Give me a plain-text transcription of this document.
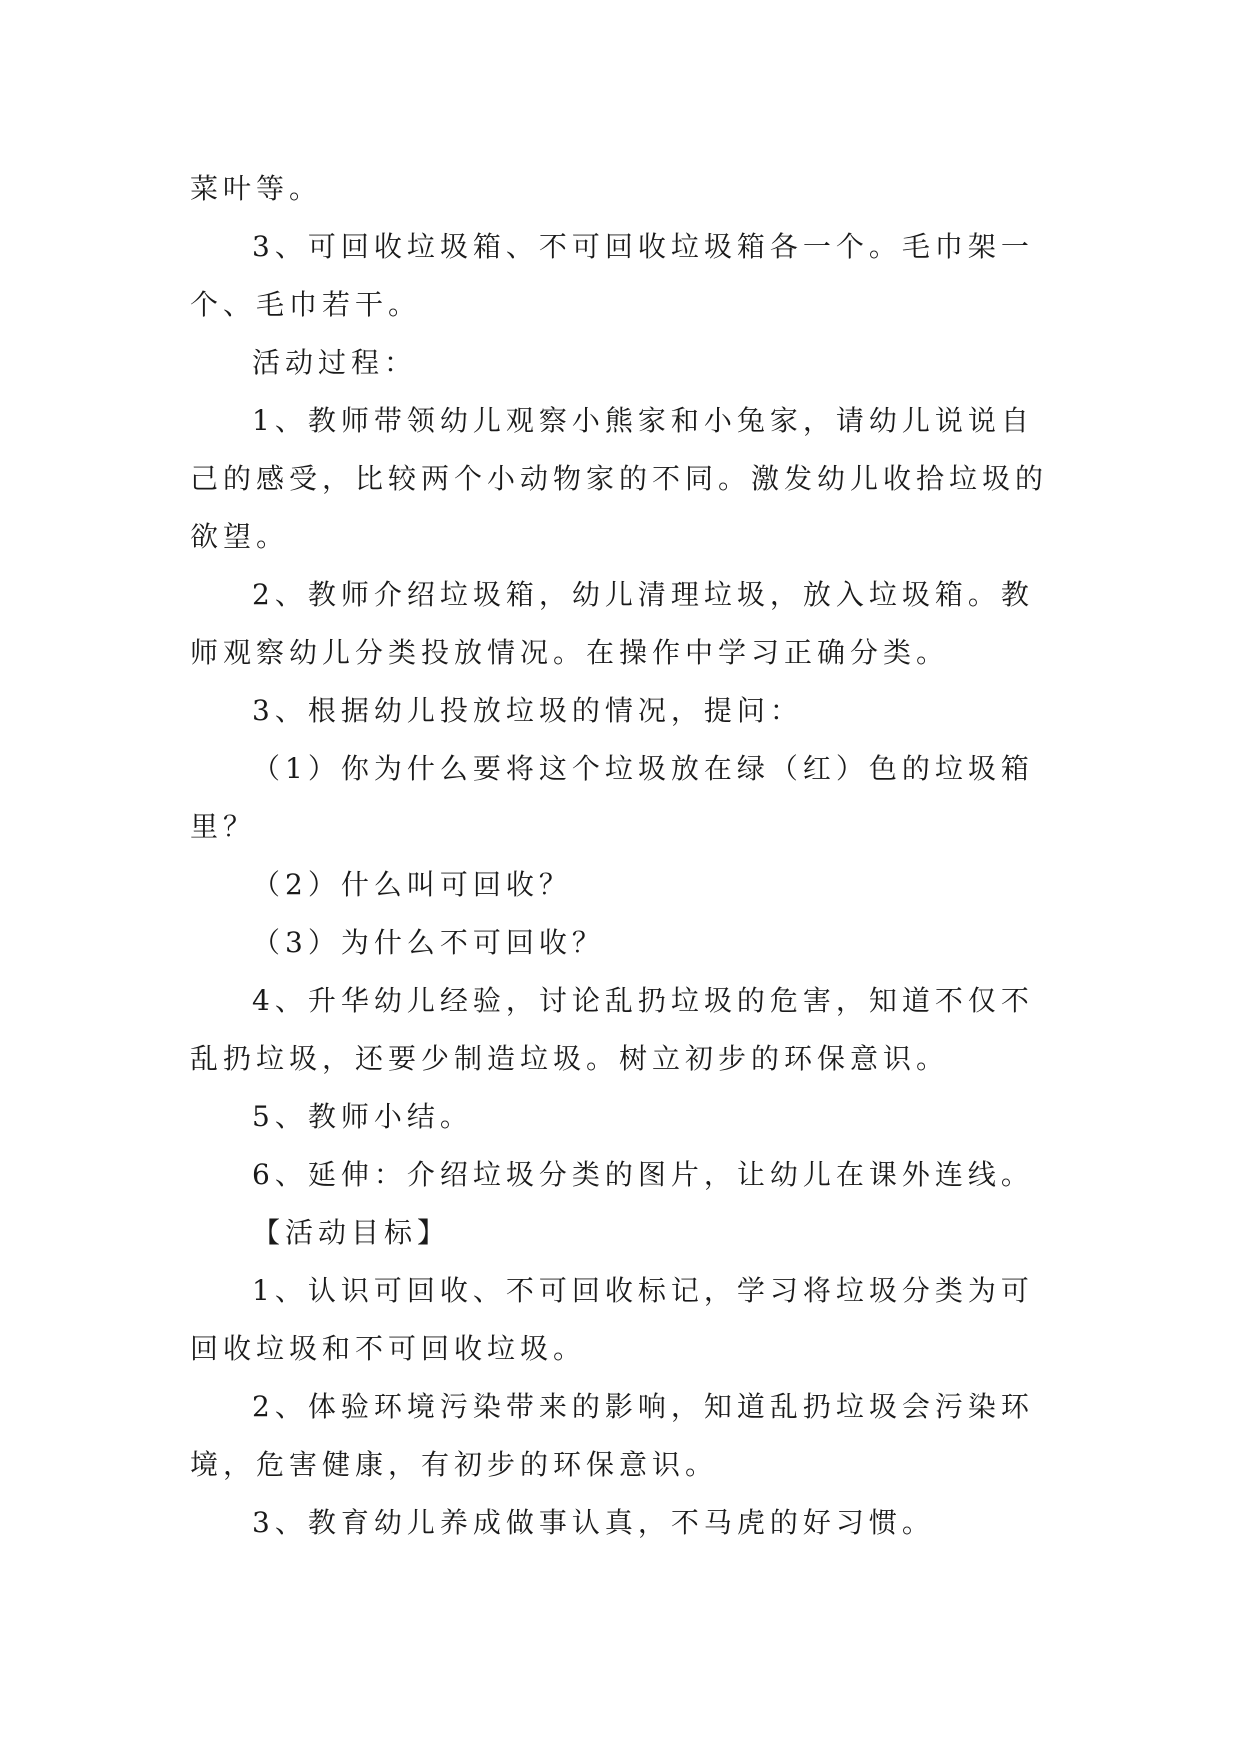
菜叶等。
3、可回收垃圾箱、不可回收垃圾箱各一个。毛巾架一
个、毛巾若干。
活动过程：
1、教师带领幼儿观察小熊家和小兔家，请幼儿说说自
己的感受，比较两个小动物家的不同。激发幼儿收拾垃圾的
欲望。
2、教师介绍垃圾箱，幼儿清理垃圾，放入垃圾箱。教
师观察幼儿分类投放情况。在操作中学习正确分类。
3、根据幼儿投放垃圾的情况，提问：
（1）你为什么要将这个垃圾放在绿（红）色的垃圾箱
里？
（2）什么叫可回收？
（3）为什么不可回收？
4、升华幼儿经验，讨论乱扔垃圾的危害，知道不仅不
乱扔垃圾，还要少制造垃圾。树立初步的环保意识。
5、教师小结。
6、延伸：介绍垃圾分类的图片，让幼儿在课外连线。
【活动目标】
1、认识可回收、不可回收标记，学习将垃圾分类为可
回收垃圾和不可回收垃圾。
2、体验环境污染带来的影响，知道乱扔垃圾会污染环
境，危害健康，有初步的环保意识。
3、教育幼儿养成做事认真，不马虎的好习惯。
